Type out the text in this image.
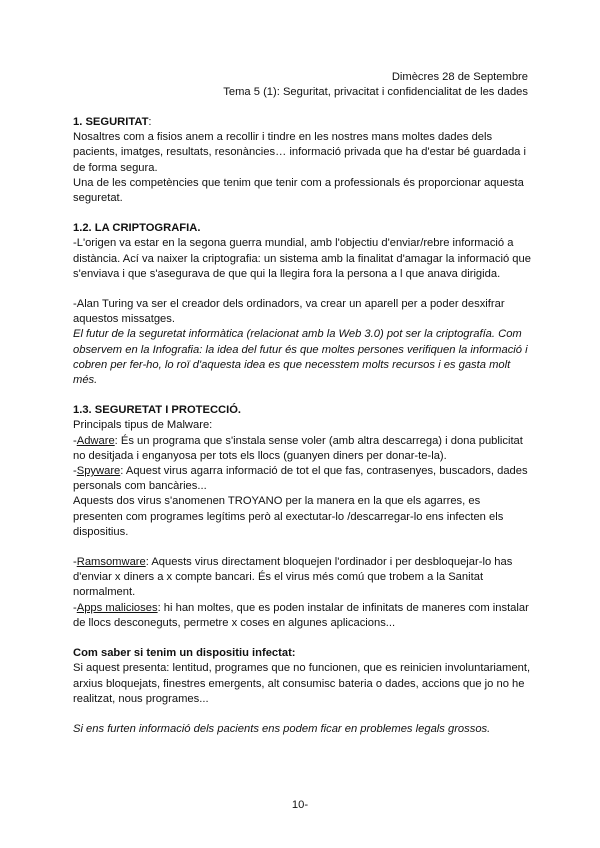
Dimècres 28 de Septembre
Tema 5 (1): Seguritat, privacitat i confidencialitat de les dades
1. SEGURITAT:

Nosaltres com a fisios anem a recollir i tindre en les nostres mans moltes dades dels pacients, imatges, resultats, resonàncies… informació privada que ha d'estar bé guardada i de forma segura.

Una de les competències que tenim que tenir com a professionals és proporcionar aquesta seguretat.

1.2. LA CRIPTOGRAFIA.

-L'origen va estar en la segona guerra mundial, amb l'objectiu d'enviar/rebre informació a distància. Ací va naixer la criptografia: un sistema amb la finalitat d'amagar la informació que s'enviava i que s'asegurava de que qui la llegira fora la persona a l que anava dirigida.

-Alan Turing va ser el creador dels ordinadors, va crear un aparell per a poder desxifrar aquestos missatges.

El futur de la seguretat informàtica (relacionat amb la Web 3.0) pot ser la criptografía. Com observem en la Infografia: la idea del futur és que moltes persones verifiquen la informació i cobren per fer-ho, lo roï d'aquesta idea es que necesstem molts recursos i es gasta molt més.

1.3. SEGURETAT I PROTECCIÓ.

Principals tipus de Malware:

-Adware: És un programa que s'instala sense voler (amb altra descarrega) i dona publicitat no desitjada i enganyosa per tots els llocs (guanyen diners per donar-te-la).

-Spyware: Aquest virus agarra informació de tot el que fas, contrasenyes, buscadors, dades personals com bancàries...

Aquests dos virus s'anomenen TROYANO per la manera en la que els agarres, es presenten com programes legítims però al exectutar-lo /descarregar-lo ens infecten els dispositius.

-Ramsomware: Aquests virus directament bloquejen l'ordinador i per desbloquejar-lo has d'enviar x diners a x compte bancari. És el virus més comú que trobem a la Sanitat normalment.

-Apps malicioses: hi han moltes, que es poden instalar de infinitats de maneres com instalar de llocs desconeguts, permetre x coses en algunes aplicacions...

Com saber si tenim un dispositiu infectat:

Si aquest presenta: lentitud, programes que no funcionen, que es reinicien involuntariament, arxius bloquejats, finestres emergents, alt consumisc bateria o dades, accions que jo no he realitzat, nous programes...

Si ens furten informació dels pacients ens podem ficar en problemes legals grossos.

10-
